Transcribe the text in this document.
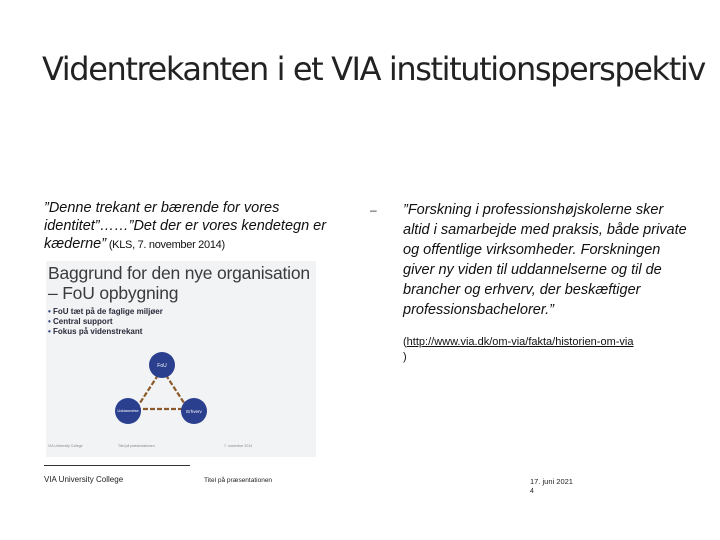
Videntrekanten i et VIA institutionsperspektiv
”Denne trekant er bærende for vores identitet”……”Det der er vores kendetegn er kæderne” (KLS, 7. november 2014)
– ”Forskning i professionshøjskolerne sker altid i samarbejde med praksis, både private og offentlige virksomheder. Forskningen giver ny viden til uddannelserne og til de brancher og erhverv, der beskæftiger professionsbachelorer.”
(http://www.via.dk/om-via/fakta/historien-om-via
)
Baggrund for den nye organisation – FoU opbygning
• FoU tæt på de faglige miljøer
• Central support
• Fokus på videnstrekant
FoU
Uddannelse	Erhverv
VIA University College	Titel på præsentationen	7. november 2014
VIA University College	Titel på præsentationen	17. juni 2021
4
